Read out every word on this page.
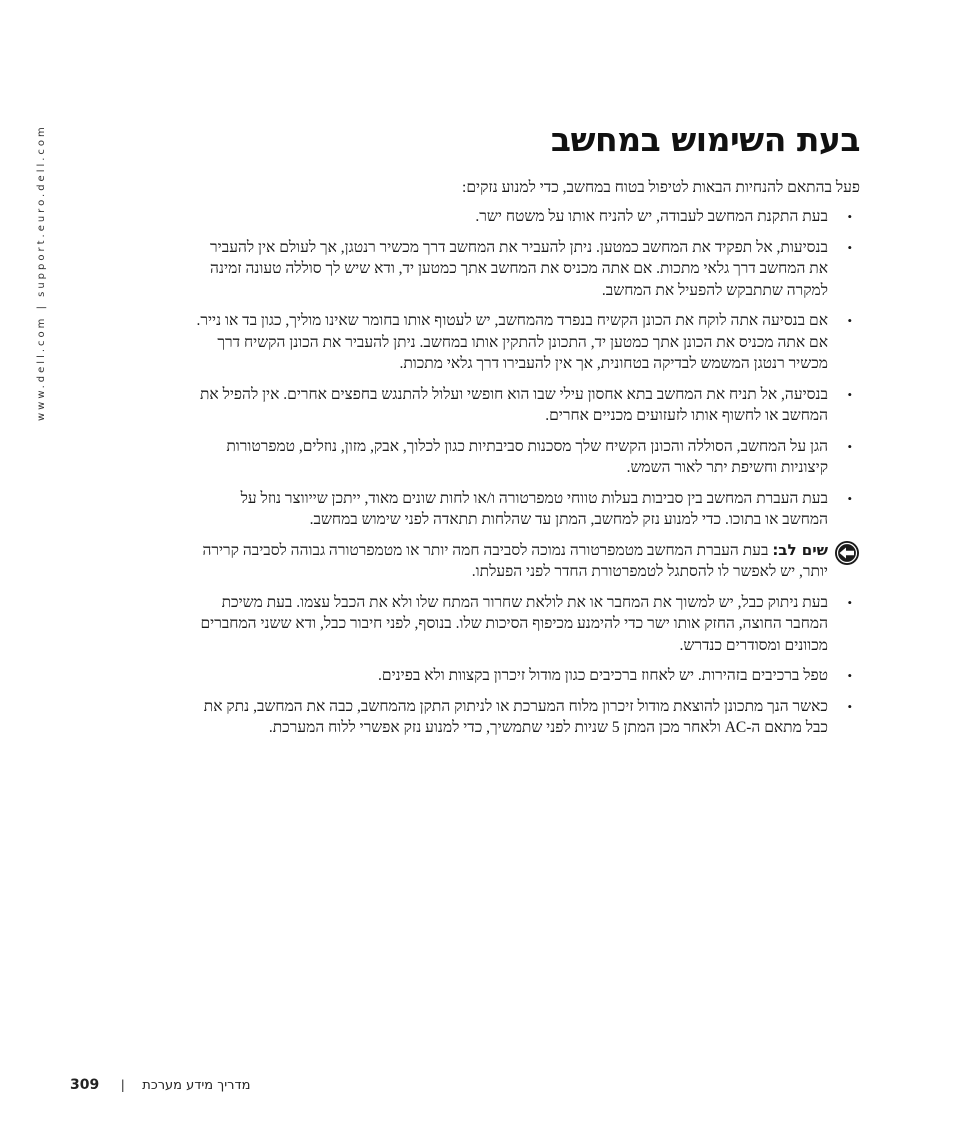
www.dell.com | support.euro.dell.com	בעת השימוש במחשב

פעל בהתאם להנחיות הבאות לטיפול בטוח במחשב, כדי למנוע נזקים:

•
בעת התקנת המחשב לעבודה, יש להניח אותו על משטח ישר.
•
בנסיעות, אל תפקיד את המחשב כמטען. ניתן להעביר את המחשב דרך מכשיר רנטגן, אך לעולם אין להעביר את המחשב דרך גלאי מתכות. אם אתה מכניס את המחשב אתך כמטען יד, ודא שיש לך סוללה טעונה זמינה למקרה שתתבקש להפעיל את המחשב.
•
אם בנסיעה אתה לוקח את הכונן הקשיח בנפרד מהמחשב, יש לעטוף אותו בחומר שאינו מוליך, כגון בד או נייר. אם אתה מכניס את הכונן אתך כמטען יד, התכונן להתקין אותו במחשב. ניתן להעביר את הכונן הקשיח דרך מכשיר רנטגן המשמש לבדיקה בטחונית, אך אין להעבירו דרך גלאי מתכות.
•
בנסיעה, אל תניח את המחשב בתא אחסון עילי שבו הוא חופשי ועלול להתנגש בחפצים אחרים. אין להפיל את המחשב או לחשוף אותו לזעזועים מכניים אחרים.
•
הגן על המחשב, הסוללה והכונן הקשיח שלך מסכנות סביבתיות כגון לכלוך, אבק, מזון, נוזלים, טמפרטורות קיצוניות וחשיפת יתר לאור השמש.
•
בעת העברת המחשב בין סביבות בעלות טווחי טמפרטורה ו/או לחות שונים מאוד, ייתכן שייווצר נוזל על המחשב או בתוכו. כדי למנוע נזק למחשב, המתן עד שהלחות תתאדה לפני שימוש במחשב.
שים לב: בעת העברת המחשב מטמפרטורה נמוכה לסביבה חמה יותר או מטמפרטורה גבוהה לסביבה קרירה יותר, יש לאפשר לו להסתגל לטמפרטורת החדר לפני הפעלתו.
•
בעת ניתוק כבל, יש למשוך את המחבר או את לולאת שחרור המתח שלו ולא את הכבל עצמו. בעת משיכת המחבר החוצה, החזק אותו ישר כדי להימנע מכיפוף הסיכות שלו. בנוסף, לפני חיבור כבל, ודא ששני המחברים מכוונים ומסודרים כנדרש.
•
טפל ברכיבים בזהירות. יש לאחוז ברכיבים כגון מודול זיכרון בקצוות ולא בפינים.
•
כאשר הנך מתכונן להוצאת מודול זיכרון מלוח המערכת או לניתוק התקן מהמחשב, כבה את המחשב, נתק את כבל מתאם ה-AC ולאחר מכן המתן 5 שניות לפני שתמשיך, כדי למנוע נזק אפשרי ללוח המערכת.
309 | מדריך מידע מערכת
